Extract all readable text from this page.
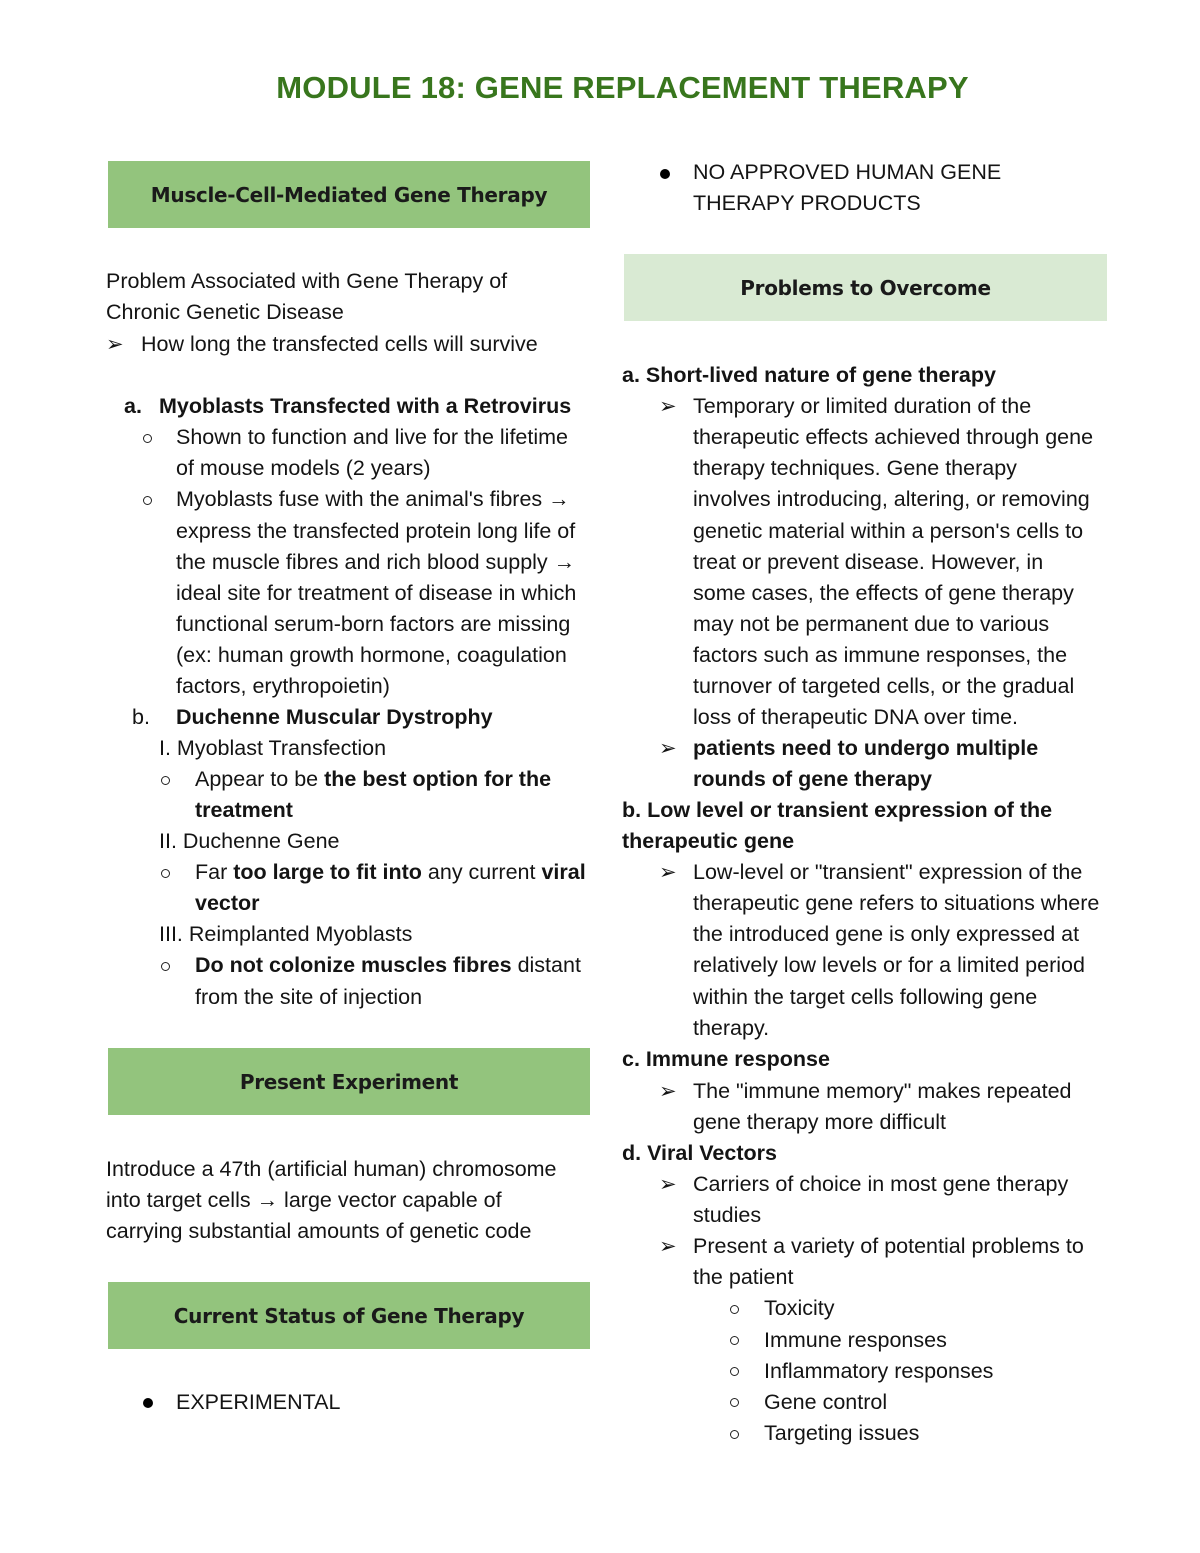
MODULE 18: GENE REPLACEMENT THERAPY
Muscle-Cell-Mediated Gene Therapy
Problem Associated with Gene Therapy of
Chronic Genetic Disease
➢ How long the transfected cells will survive
a. Myoblasts Transfected with a Retrovirus
Shown to function and live for the lifetime
of mouse models (2 years)
Myoblasts fuse with the animal's fibres →
express the transfected protein long life of
the muscle fibres and rich blood supply →
ideal site for treatment of disease in which
functional serum-born factors are missing
(ex: human growth hormone, coagulation
factors, erythropoietin)
b. Duchenne Muscular Dystrophy
I. Myoblast Transfection
Appear to be the best option for the
treatment
II. Duchenne Gene
Far too large to fit into any current viral
vector
III. Reimplanted Myoblasts
Do not colonize muscles fibres distant
from the site of injection
Present Experiment
Introduce a 47th (artificial human) chromosome
into target cells → large vector capable of
carrying substantial amounts of genetic code
Current Status of Gene Therapy
EXPERIMENTAL
NO APPROVED HUMAN GENE
THERAPY PRODUCTS
Problems to Overcome
a. Short-lived nature of gene therapy
➢ Temporary or limited duration of the
therapeutic effects achieved through gene
therapy techniques. Gene therapy
involves introducing, altering, or removing
genetic material within a person's cells to
treat or prevent disease. However, in
some cases, the effects of gene therapy
may not be permanent due to various
factors such as immune responses, the
turnover of targeted cells, or the gradual
loss of therapeutic DNA over time.
➢ patients need to undergo multiple
rounds of gene therapy
b. Low level or transient expression of the
therapeutic gene
➢ Low-level or "transient" expression of the
therapeutic gene refers to situations where
the introduced gene is only expressed at
relatively low levels or for a limited period
within the target cells following gene
therapy.
c. Immune response
➢ The "immune memory" makes repeated
gene therapy more difficult
d. Viral Vectors
➢ Carriers of choice in most gene therapy
studies
➢ Present a variety of potential problems to
the patient
Toxicity
Immune responses
Inflammatory responses
Gene control
Targeting issues
